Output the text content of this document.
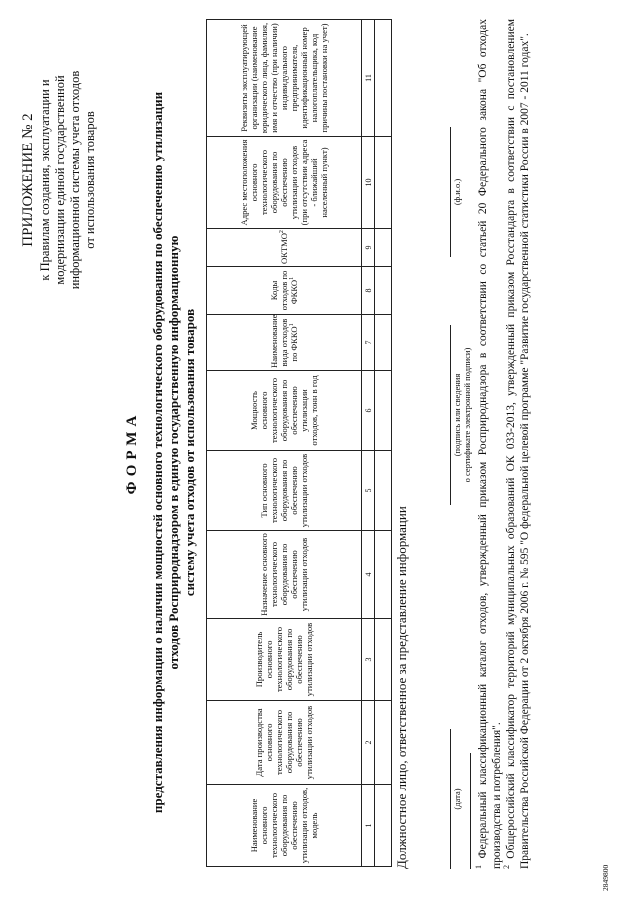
ПРИЛОЖЕНИЕ № 2 к Правилам создания, эксплуатации и модернизации единой государственной информационной системы учета отходов от использования товаров
ФОРМА представления информации о наличии мощностей основного технологического оборудования по обеспечению утилизации отходов Росприроднадзором в единую государственную информационную систему учета отходов от использования товаров
Наименование основного технологического оборудования по обеспечению утилизации отходов, модель	Дата производства основного технологического оборудования по обеспечению утилизации отходов	Производитель основного технологического оборудования по обеспечению утилизации отходов	Назначение основного технологического оборудования по обеспечению утилизации отходов	Тип основного технологического оборудования по обеспечению утилизации отходов	Мощность основного технологического оборудования по обеспечению утилизации отходов, тонн в год	Наименование вида отходов по ФККО$^1$	Коды отходов по ФККО$^1$	ОКТМО$^2$	Адрес местоположения основного технологического оборудования по обеспечению утилизации отходов (при отсутствии адреса - ближайший населенный пункт)	Реквизиты эксплуатирующей организации (наименование юридического лица, фамилия, имя и отчество (при наличии) индивидуального предпринимателя, идентификационный номер налогоплательщика, код причины постановки на учет)
1	2	3	4	5	6	7	8	9	10	11

Должностное лицо, ответственное за представление информации	(дата)
(подпись или сведения о сертификате электронной подписи)
(ф.и.о.)

$^1$ Федеральный классификационный каталог отходов, утвержденный приказом Росприроднадзора в соответствии со статьей 20 Федерального закона "Об отходах производства и потребления". $^2$ Общероссийский классификатор территорий муниципальных образований ОК 033-2013, утвержденный приказом Росстандарта в соответствии с постановлением Правительства Российской Федерации от 2 октября 2006 г. № 595 "О федеральной целевой программе "Развитие государственной статистики России в 2007 - 2011 годах".

2849800
